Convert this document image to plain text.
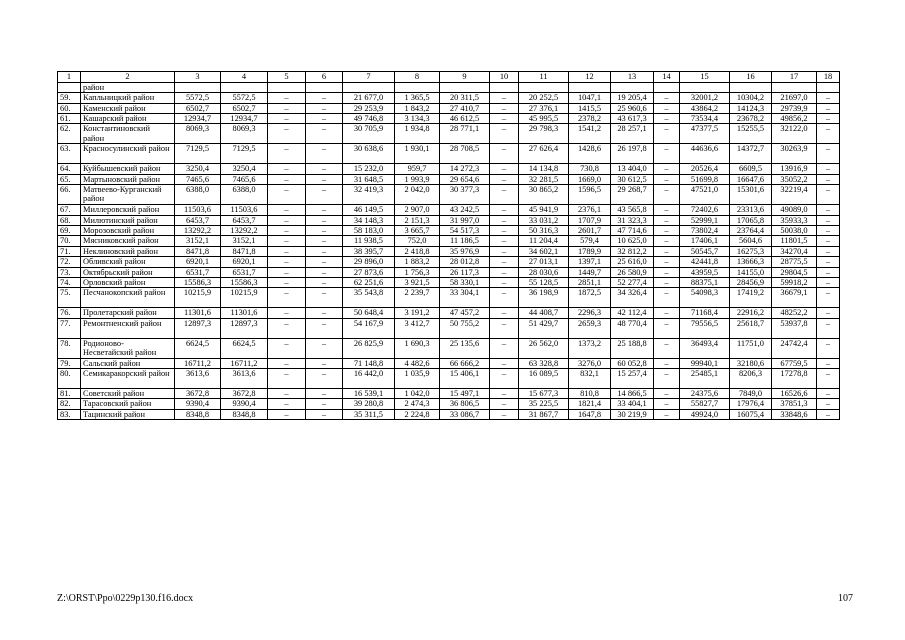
1	2	3	4	5	6	7	8	9	10	11	12	13	14	15	16	17	18
	район																
59.	Капльницкий район	5572,5	5572,5	–	–	21 677,0	1 365,5	20 311,5	–	20 252,5	1047,1	19 205,4	–	32001,2	10304,2	21697,0	–
60.	Каменский район	6502,7	6502,7	–	–	29 253,9	1 843,2	27 410,7	–	27 376,1	1415,5	25 960,6	–	43864,2	14124,3	29739,9	–
61.	Кашарский район	12934,7	12934,7	–	–	49 746,8	3 134,3	46 612,5	–	45 995,5	2378,2	43 617,3	–	73534,4	23678,2	49856,2	–
62.	Константиновский район	8069,3	8069,3	–	–	30 705,9	1 934,8	28 771,1	–	29 798,3	1541,2	28 257,1	–	47377,5	15255,5	32122,0	–
63.	Красносулинский район	7129,5	7129,5	–	–	30 638,6	1 930,1	28 708,5	–	27 626,4	1428,6	26 197,8	–	44636,6	14372,7	30263,9	–
64.	Куйбышевский район	3250,4	3250,4	–	–	15 232,0	959,7	14 272,3	–	14 134,8	730,8	13 404,0	–	20526,4	6609,5	13916,9	–
65.	Мартыновский район	7465,6	7465,6	–	–	31 648,5	1 993,9	29 654,6	–	32 281,5	1669,0	30 612,5	–	51699,8	16647,6	35052,2	–
66.	Матвеево-Курганский район	6388,0	6388,0	–	–	32 419,3	2 042,0	30 377,3	–	30 865,2	1596,5	29 268,7	–	47521,0	15301,6	32219,4	–
67.	Миллеровский район	11503,6	11503,6	–	–	46 149,5	2 907,0	43 242,5	–	45 941,9	2376,1	43 565,8	–	72402,6	23313,6	49089,0	–
68.	Милютинский район	6453,7	6453,7	–	–	34 148,3	2 151,3	31 997,0	–	33 031,2	1707,9	31 323,3	–	52999,1	17065,8	35933,3	–
69.	Морозовский район	13292,2	13292,2	–	–	58 183,0	3 665,7	54 517,3	–	50 316,3	2601,7	47 714,6	–	73802,4	23764,4	50038,0	–
70.	Мясниковский район	3152,1	3152,1	–	–	11 938,5	752,0	11 186,5	–	11 204,4	579,4	10 625,0	–	17406,1	5604,6	11801,5	–
71.	Неклиновский район	8471,8	8471,8	–	–	38 395,7	2 418,8	35 976,9	–	34 602,1	1789,9	32 812,2	–	50545,7	16275,3	34270,4	–
72.	Обливский район	6920,1	6920,1	–	–	29 896,0	1 883,2	28 012,8	–	27 013,1	1397,1	25 616,0	–	42441,8	13666,3	28775,5	–
73.	Октябрьский район	6531,7	6531,7	–	–	27 873,6	1 756,3	26 117,3	–	28 030,6	1449,7	26 580,9	–	43959,5	14155,0	29804,5	–
74.	Орловский район	15586,3	15586,3	–	–	62 251,6	3 921,5	58 330,1	–	55 128,5	2851,1	52 277,4	–	88375,1	28456,9	59918,2	–
75.	Песчанокопский район	10215,9	10215,9	–	–	35 543,8	2 239,7	33 304,1	–	36 198,9	1872,5	34 326,4	–	54098,3	17419,2	36679,1	–
76.	Пролетарский район	11301,6	11301,6	–	–	50 648,4	3 191,2	47 457,2	–	44 408,7	2296,3	42 112,4	–	71168,4	22916,2	48252,2	–
77.	Ремонтненский район	12897,3	12897,3	–	–	54 167,9	3 412,7	50 755,2	–	51 429,7	2659,3	48 770,4	–	79556,5	25618,7	53937,8	–
78.	Родионово-Несветайский район	6624,5	6624,5	–	–	26 825,9	1 690,3	25 135,6	–	26 562,0	1373,2	25 188,8	–	36493,4	11751,0	24742,4	–
79.	Сальский район	16711,2	16711,2	–	–	71 148,8	4 482,6	66 666,2	–	63 328,8	3276,0	60 052,8	–	99940,1	32180,6	67759,5	–
80.	Семикаракорский район	3613,6	3613,6	–	–	16 442,0	1 035,9	15 406,1	–	16 089,5	832,1	15 257,4	–	25485,1	8206,3	17278,8	–
81.	Советский район	3672,8	3672,8	–	–	16 539,1	1 042,0	15 497,1	–	15 677,3	810,8	14 866,5	–	24375,6	7849,0	16526,6	–
82.	Тарасовский район	9390,4	9390,4	–	–	39 280,8	2 474,3	36 806,5	–	35 225,5	1821,4	33 404,1	–	55827,7	17976,4	37851,3	–
83.	Тацинский район	8348,8	8348,8	–	–	35 311,5	2 224,8	33 086,7	–	31 867,7	1647,8	30 219,9	–	49924,0	16075,4	33848,6	–
Z:\ORST\Ppo\0229p130.f16.docx	107
